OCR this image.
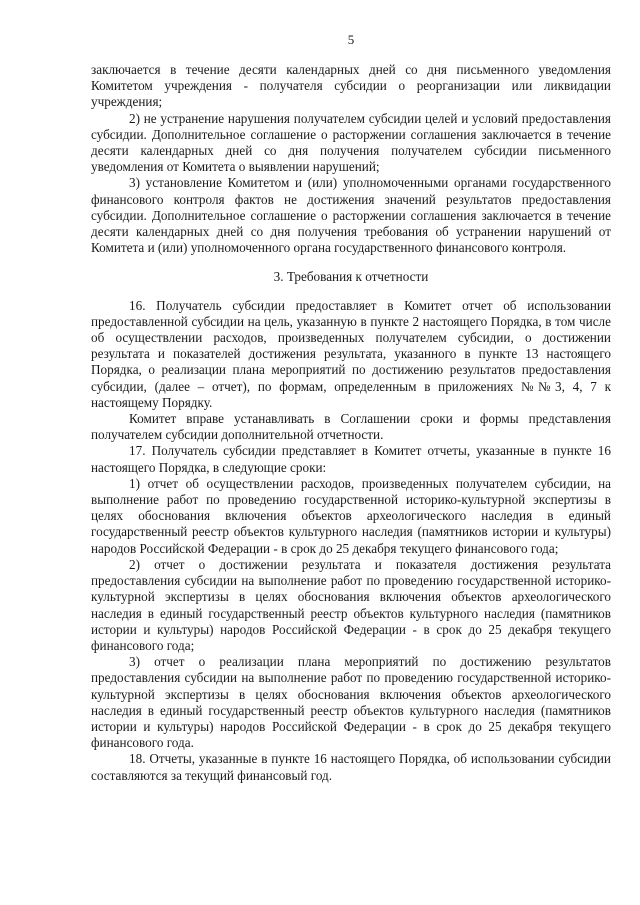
5

заключается в течение десяти календарных дней со дня письменного уведомления Комитетом учреждения - получателя субсидии о реорганизации или ликвидации учреждения;

2) не устранение нарушения получателем субсидии целей и условий предоставления субсидии. Дополнительное соглашение о расторжении соглашения заключается в течение десяти календарных дней со дня получения получателем субсидии письменного уведомления от Комитета о выявлении нарушений;

3) установление Комитетом и (или) уполномоченными органами государственного финансового контроля фактов не достижения значений результатов предоставления субсидии. Дополнительное соглашение о расторжении соглашения заключается в течение десяти календарных дней со дня получения требования об устранении нарушений от Комитета и (или) уполномоченного органа государственного финансового контроля.

3. Требования к отчетности

16. Получатель субсидии предоставляет в Комитет отчет об использовании предоставленной субсидии на цель, указанную в пункте 2 настоящего Порядка, в том числе об осуществлении расходов, произведенных получателем субсидии, о достижении результата и показателей достижения результата, указанного в пункте 13 настоящего Порядка, о реализации плана мероприятий по достижению результатов предоставления субсидии, (далее – отчет), по формам, определенным в приложениях №№3, 4, 7 к настоящему Порядку.

Комитет вправе устанавливать в Соглашении сроки и формы представления получателем субсидии дополнительной отчетности.

17. Получатель субсидии представляет в Комитет отчеты, указанные в пункте 16 настоящего Порядка, в следующие сроки:

1) отчет об осуществлении расходов, произведенных получателем субсидии, на выполнение работ по проведению государственной историко-культурной экспертизы в целях обоснования включения объектов археологического наследия в единый государственный реестр объектов культурного наследия (памятников истории и культуры) народов Российской Федерации - в срок до 25 декабря текущего финансового года;

2) отчет о достижении результата и показателя достижения результата предоставления субсидии на выполнение работ по проведению государственной историко-культурной экспертизы в целях обоснования включения объектов археологического наследия в единый государственный реестр объектов культурного наследия (памятников истории и культуры) народов Российской Федерации - в срок до 25 декабря текущего финансового года;

3) отчет о реализации плана мероприятий по достижению результатов предоставления субсидии на выполнение работ по проведению государственной историко-культурной экспертизы в целях обоснования включения объектов археологического наследия в единый государственный реестр объектов культурного наследия (памятников истории и культуры) народов Российской Федерации - в срок до 25 декабря текущего финансового года.

18. Отчеты, указанные в пункте 16 настоящего Порядка, об использовании субсидии составляются за текущий финансовый год.
